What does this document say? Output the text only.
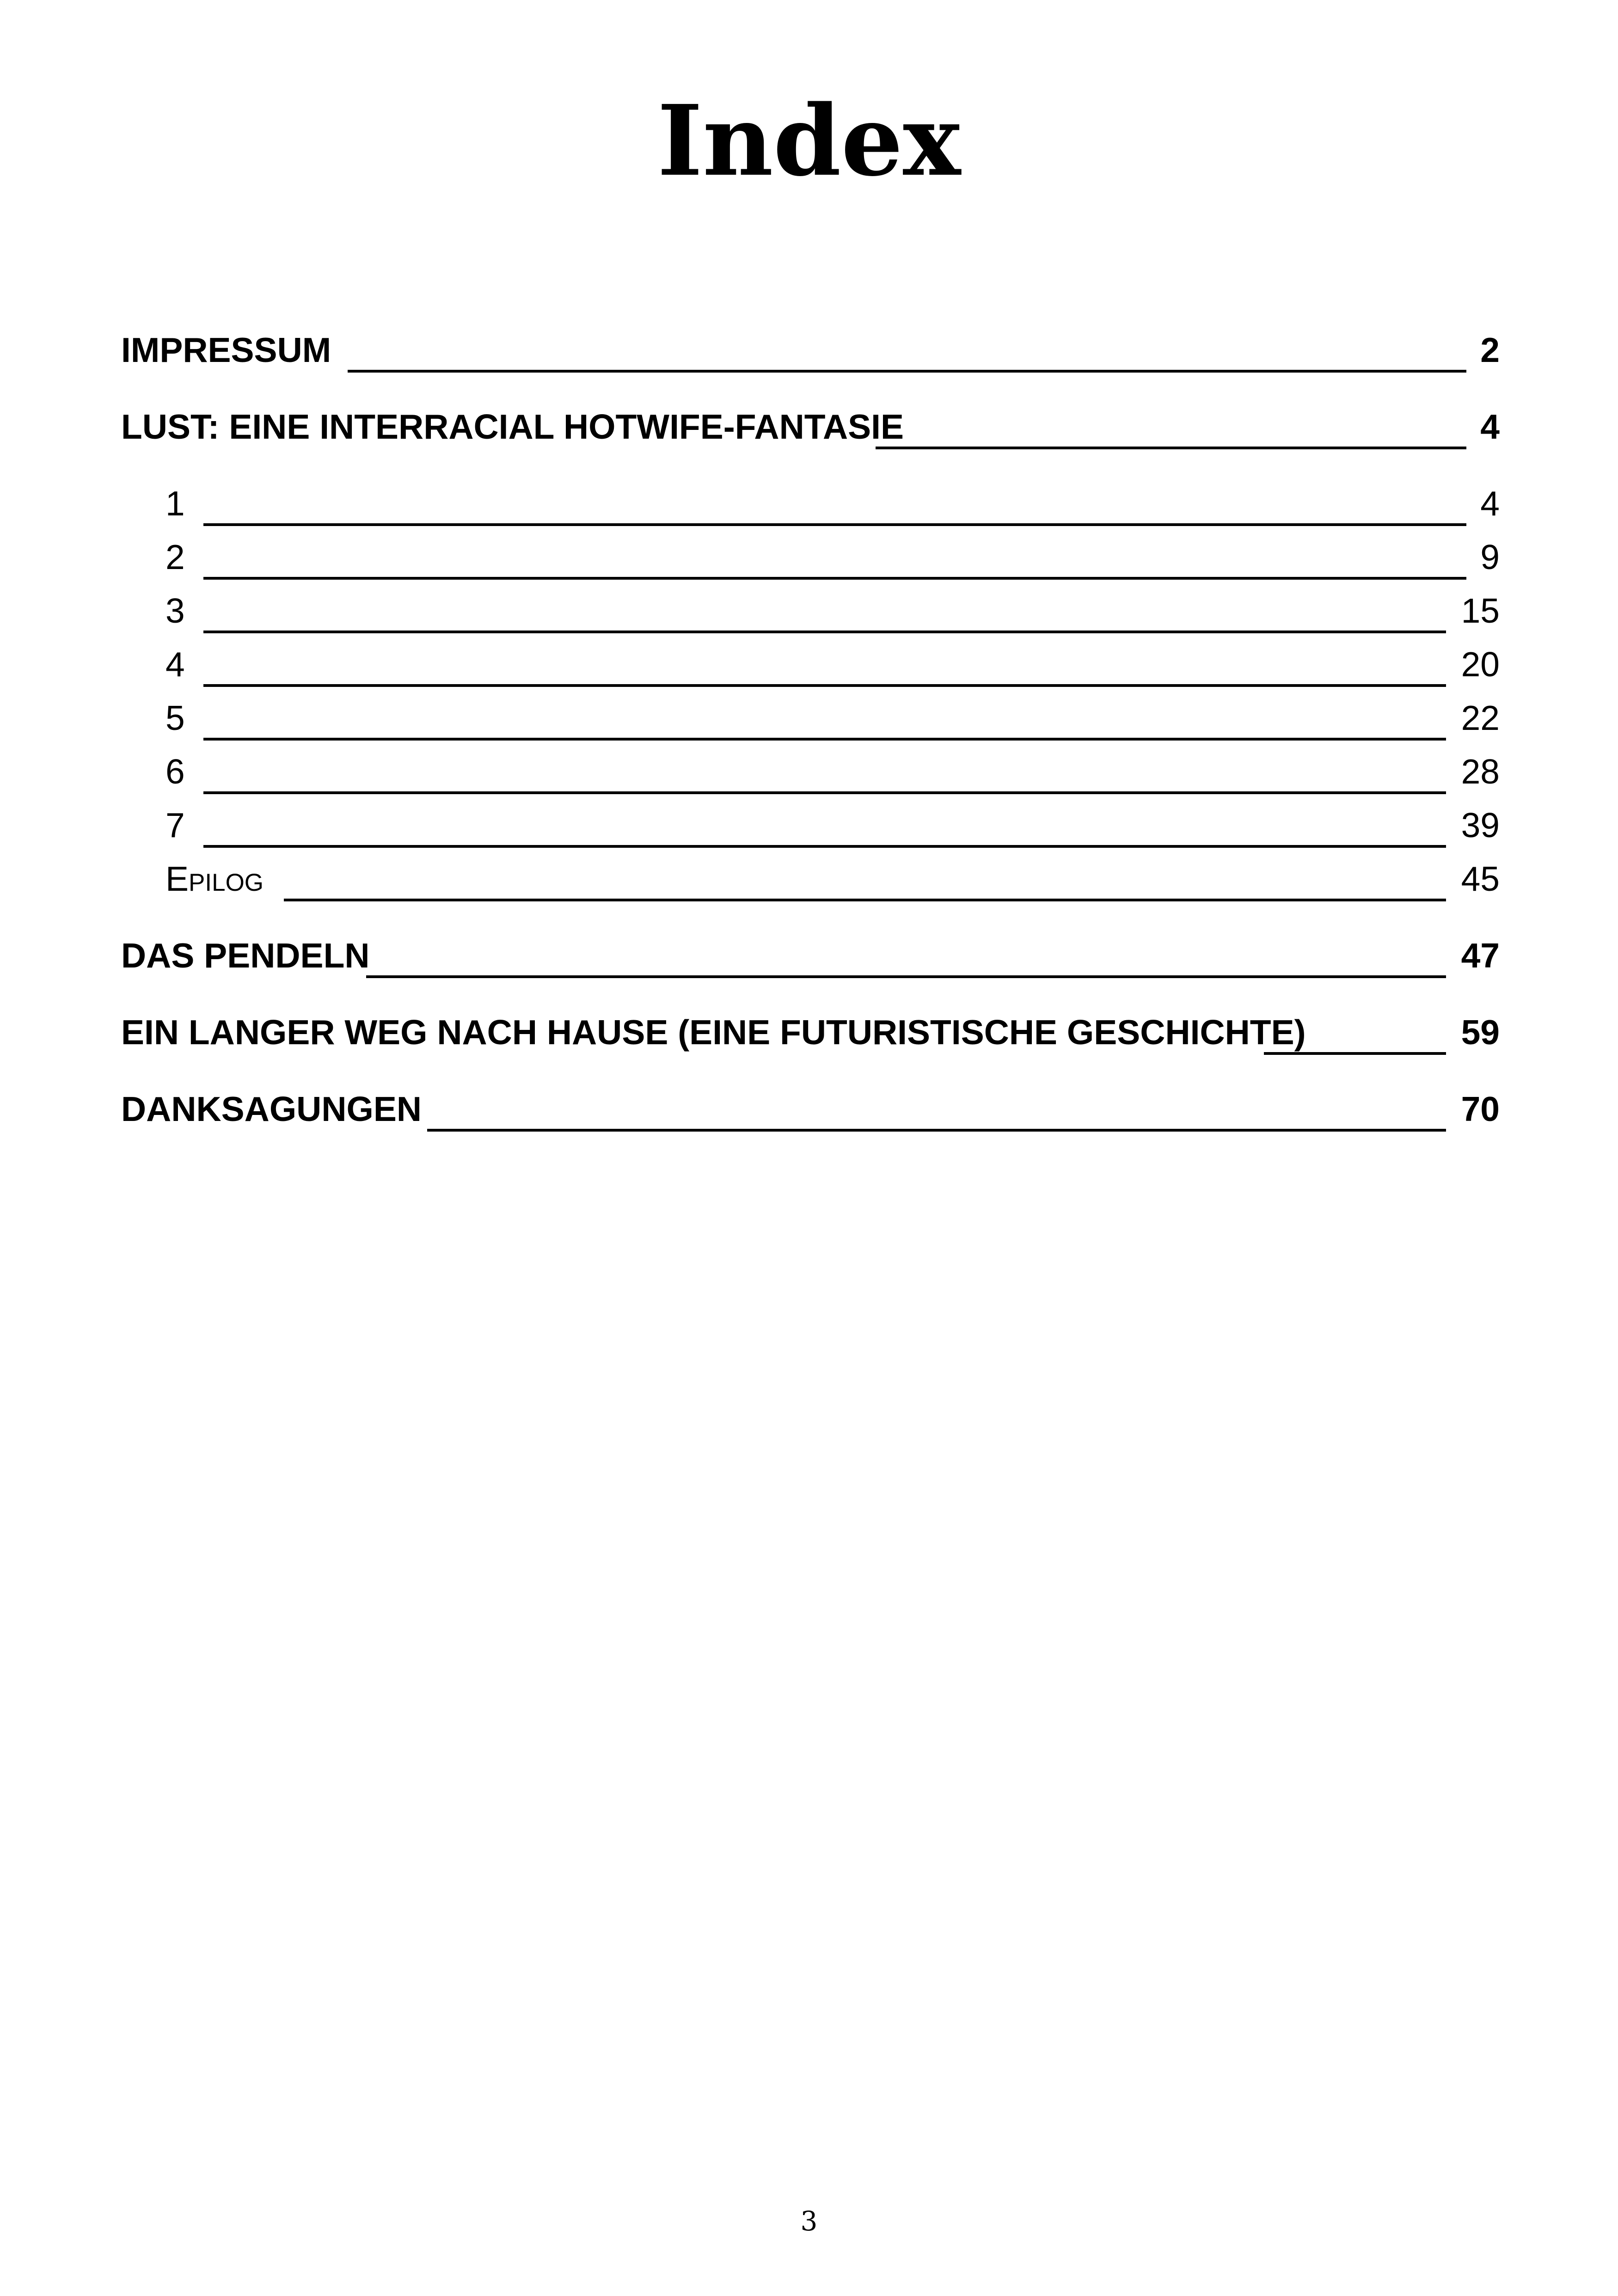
Index
IMPRESSUM	2
LUST: EINE INTERRACIAL HOTWIFE-FANTASIE	4
1	4
2	9
3	15
4	20
5	22
6	28
7	39
Epilog	45
DAS PENDELN	47
EIN LANGER WEG NACH HAUSE (EINE FUTURISTISCHE GESCHICHTE)	59
DANKSAGUNGEN	70
3
